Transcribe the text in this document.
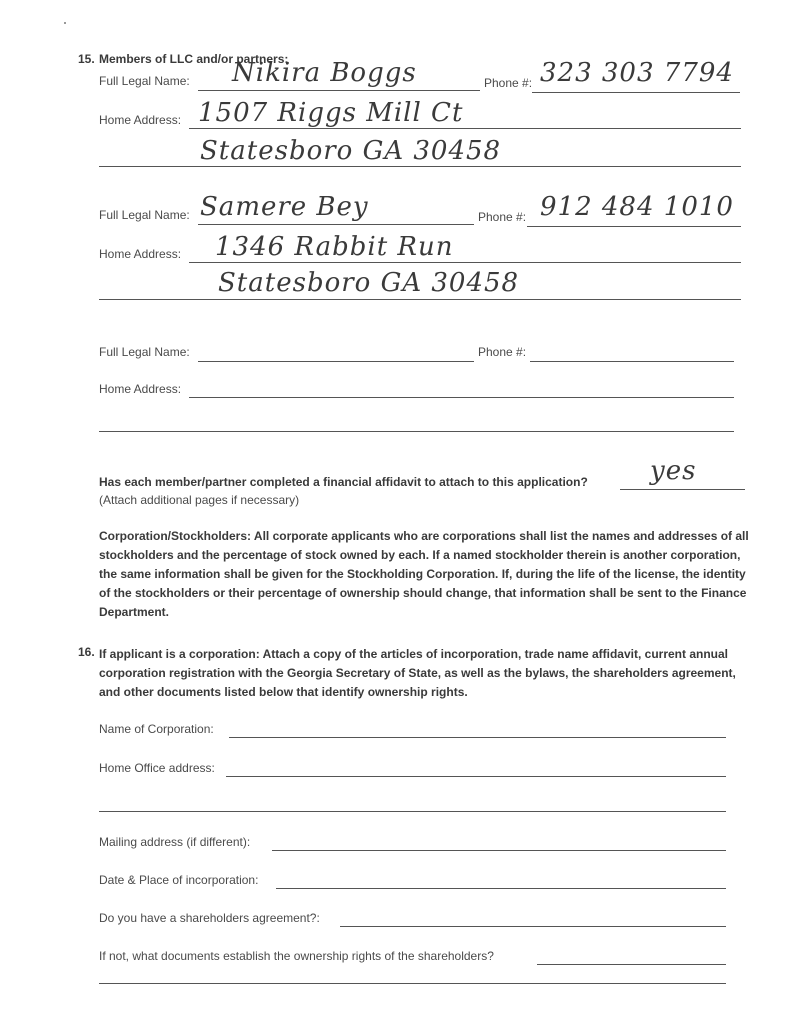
15. Members of LLC and/or partners:
Full Legal Name: Nikira Boggs	Phone #: 323 303 7794
Home Address: 1507 Riggs Mill Ct
Statesboro GA 30458
Full Legal Name: Samere Bey	Phone #: 912 484 1010
Home Address: 1346 Rabbit Run
Statesboro GA 30458
Full Legal Name:	Phone #:
Home Address:
Has each member/partner completed a financial affidavit to attach to this application? yes
(Attach additional pages if necessary)
Corporation/Stockholders: All corporate applicants who are corporations shall list the names and addresses of all stockholders and the percentage of stock owned by each. If a named stockholder therein is another corporation, the same information shall be given for the Stockholding Corporation. If, during the life of the license, the identity of the stockholders or their percentage of ownership should change, that information shall be sent to the Finance Department.
16. If applicant is a corporation: Attach a copy of the articles of incorporation, trade name affidavit, current annual corporation registration with the Georgia Secretary of State, as well as the bylaws, the shareholders agreement, and other documents listed below that identify ownership rights.
Name of Corporation:
Home Office address:
Mailing address (if different):
Date & Place of incorporation:
Do you have a shareholders agreement?:
If not, what documents establish the ownership rights of the shareholders?
